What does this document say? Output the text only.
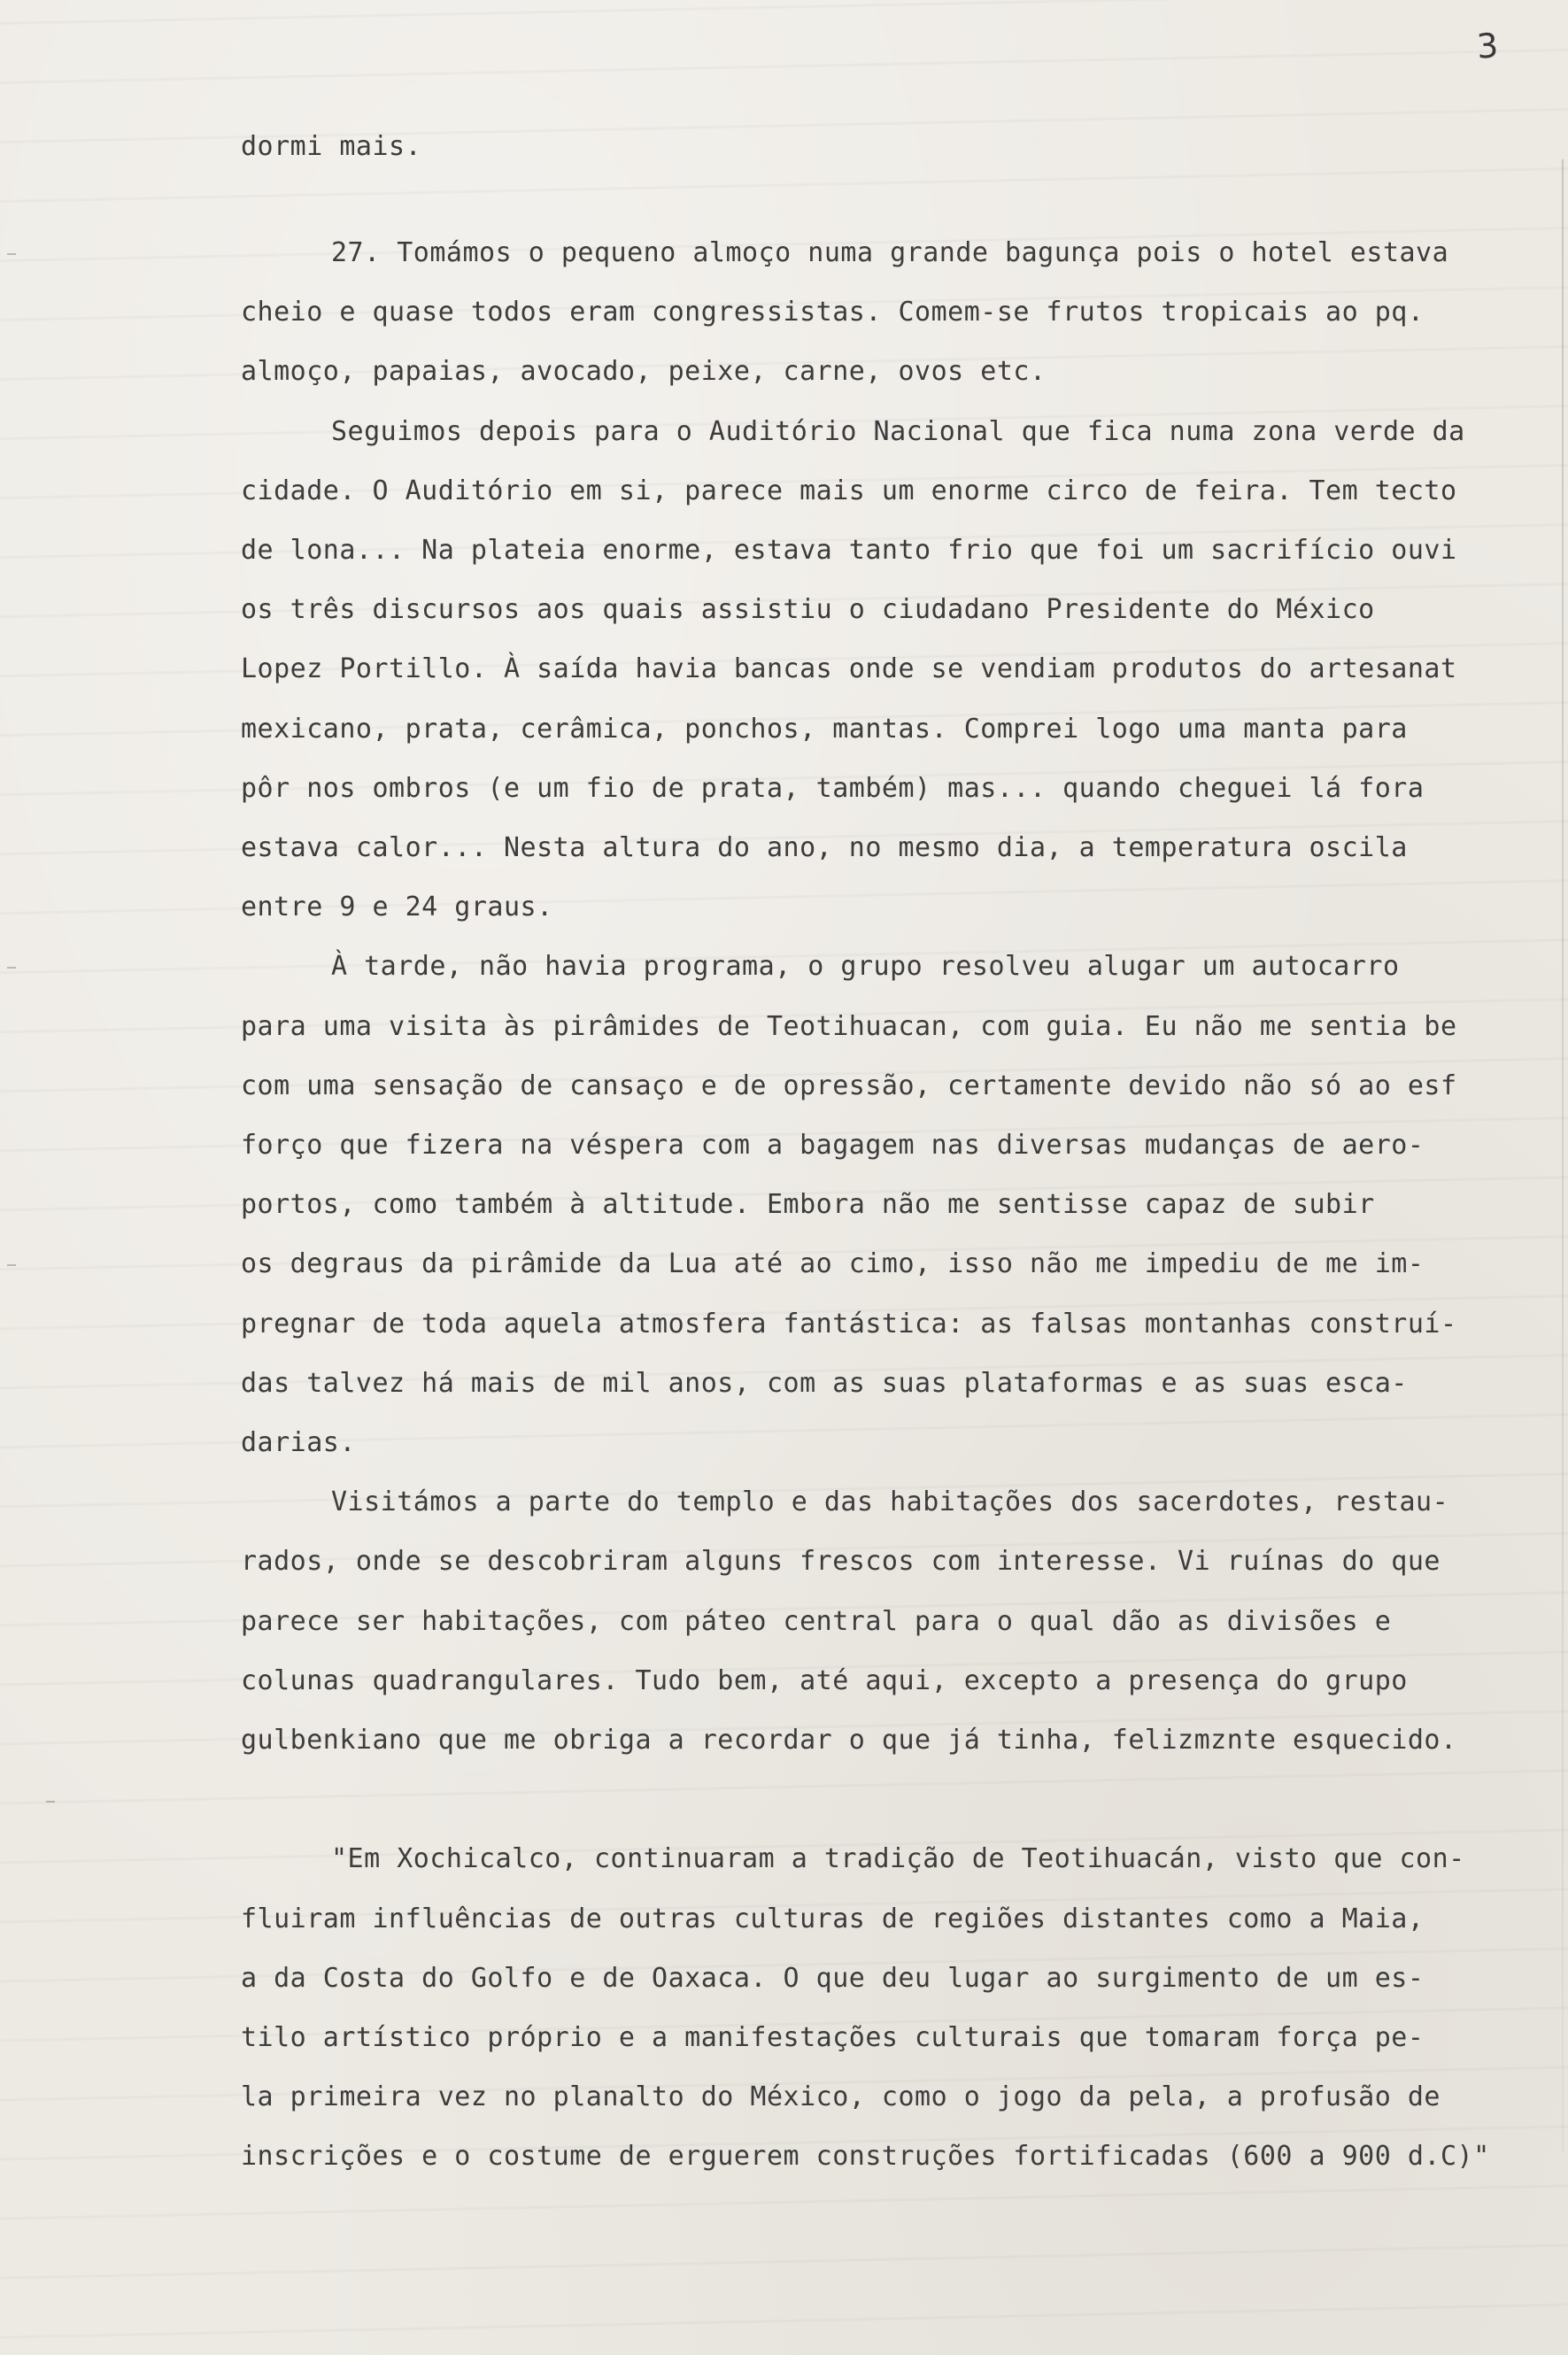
3

dormi mais.

27. Tomámos o pequeno almoço numa grande bagunça pois o hotel estava

cheio e quase todos eram congressistas. Comem-se frutos tropicais ao pq.

almoço, papaias, avocado, peixe, carne, ovos etc.

Seguimos depois para o Auditório Nacional que fica numa zona verde da

cidade. O Auditório em si, parece mais um enorme circo de feira. Tem tecto

de lona... Na plateia enorme, estava tanto frio que foi um sacrifício ouvi

os três discursos aos quais assistiu o ciudadano Presidente do México

Lopez Portillo. À saída havia bancas onde se vendiam produtos do artesanat

mexicano, prata, cerâmica, ponchos, mantas. Comprei logo uma manta para

pôr nos ombros (e um fio de prata, também) mas... quando cheguei lá fora

estava calor... Nesta altura do ano, no mesmo dia, a temperatura oscila

entre 9 e 24 graus.

À tarde, não havia programa, o grupo resolveu alugar um autocarro

para uma visita às pirâmides de Teotihuacan, com guia. Eu não me sentia be

com uma sensação de cansaço e de opressão, certamente devido não só ao esf

forço que fizera na véspera com a bagagem nas diversas mudanças de aero-

portos, como também à altitude. Embora não me sentisse capaz de subir

os degraus da pirâmide da Lua até ao cimo, isso não me impediu de me im-

pregnar de toda aquela atmosfera fantástica: as falsas montanhas construí-

das talvez há mais de mil anos, com as suas plataformas e as suas esca-

darias.

Visitámos a parte do templo e das habitações dos sacerdotes, restau-

rados, onde se descobriram alguns frescos com interesse. Vi ruínas do que

parece ser habitações, com páteo central para o qual dão as divisões e

colunas quadrangulares. Tudo bem, até aqui, excepto a presença do grupo

gulbenkiano que me obriga a recordar o que já tinha, felizmznte esquecido.

"Em Xochicalco, continuaram a tradição de Teotihuacán, visto que con-

fluiram influências de outras culturas de regiões distantes como a Maia,

a da Costa do Golfo e de Oaxaca. O que deu lugar ao surgimento de um es-

tilo artístico próprio e a manifestações culturais que tomaram força pe-

la primeira vez no planalto do México, como o jogo da pela, a profusão de

inscrições e o costume de erguerem construções fortificadas (600 a 900 d.C)"
